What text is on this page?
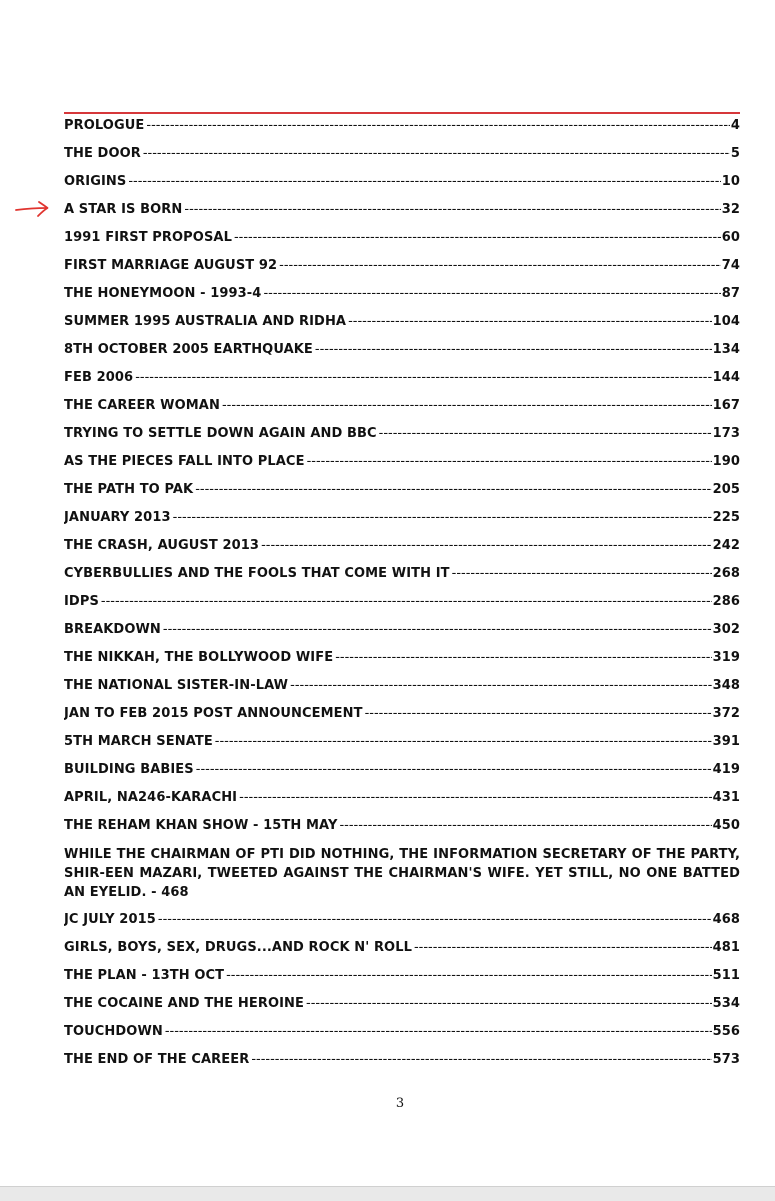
PROLOGUE -----	4
THE DOOR -----	5
ORIGINS -----	10
A STAR IS BORN -----	32
1991 FIRST PROPOSAL -----	60
FIRST MARRIAGE AUGUST 92 -----	74
THE HONEYMOON - 1993-4 -----	87
SUMMER 1995 AUSTRALIA AND RIDHA -----	104
8TH OCTOBER 2005 EARTHQUAKE -----	134
FEB 2006 -----	144
THE CAREER WOMAN -----	167
TRYING TO SETTLE DOWN AGAIN AND BBC -----	173
AS THE PIECES FALL INTO PLACE -----	190
THE PATH TO PAK -----	205
JANUARY 2013 -----	225
THE CRASH, AUGUST 2013 -----	242
CYBERBULLIES AND THE FOOLS THAT COME WITH IT -----	268
IDPS -----	286
BREAKDOWN -----	302
THE NIKKAH, THE BOLLYWOOD WIFE -----	319
THE NATIONAL SISTER-IN-LAW -----	348
JAN TO FEB 2015 POST ANNOUNCEMENT -----	372
5TH MARCH SENATE -----	391
BUILDING BABIES -----	419
APRIL, NA246-KARACHI -----	431
THE REHAM KHAN SHOW - 15TH MAY -----	450
WHILE THE CHAIRMAN OF PTI DID NOTHING, THE INFORMATION SECRETARY OF THE PARTY, SHIR-EEN MAZARI, TWEETED AGAINST THE CHAIRMAN'S WIFE. YET STILL, NO ONE BATTED AN EYELID. - 468
JC JULY 2015 -----	468
GIRLS, BOYS, SEX, DRUGS...AND ROCK N' ROLL -----	481
THE PLAN - 13TH OCT -----	511
THE COCAINE AND THE HEROINE -----	534
TOUCHDOWN -----	556
THE END OF THE CAREER -----	573
3
